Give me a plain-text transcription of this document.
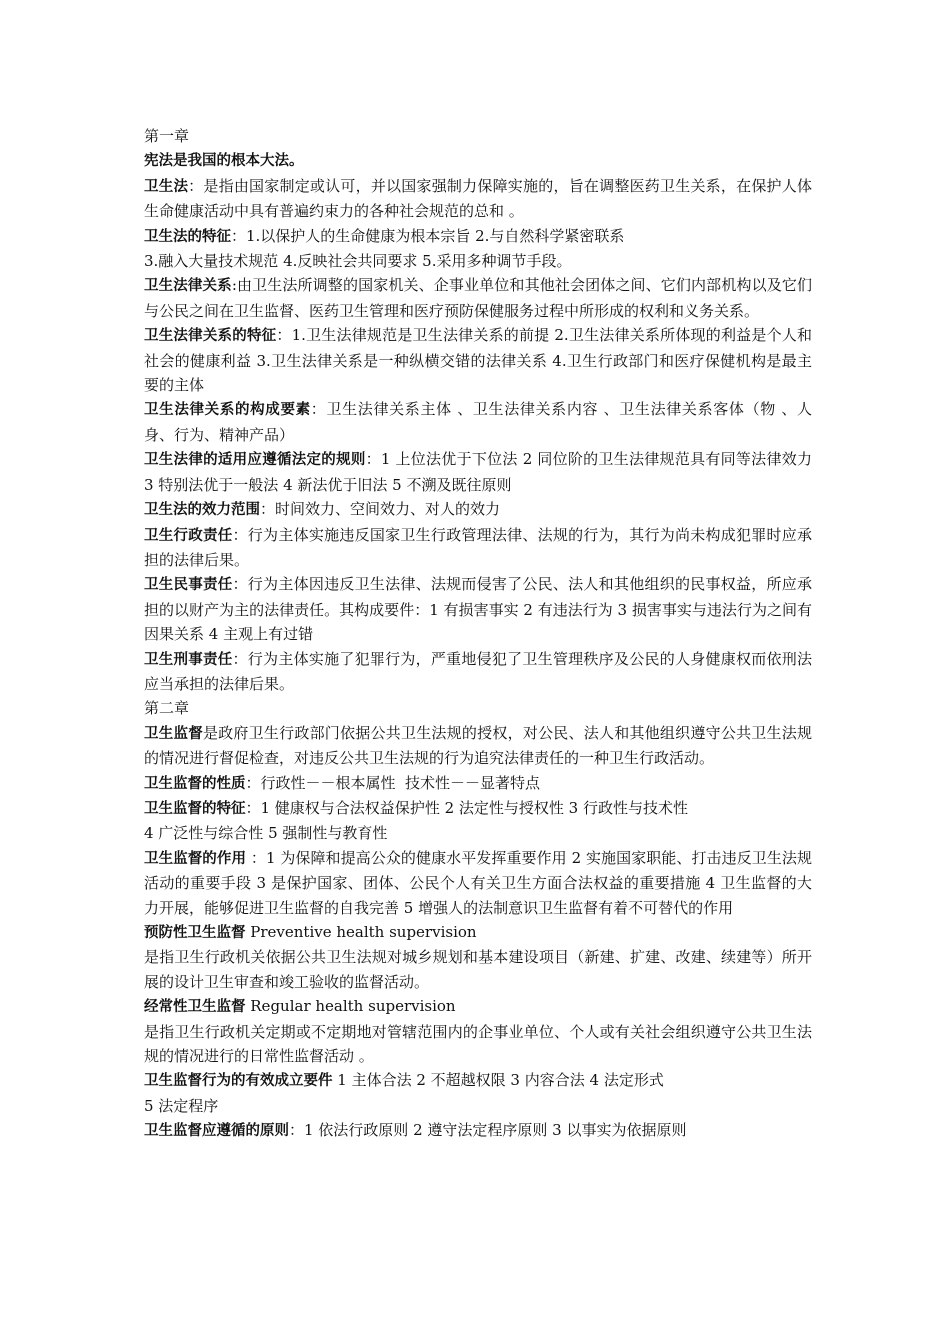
第一章
宪法是我国的根本大法。
卫生法：是指由国家制定或认可，并以国家强制力保障实施的，旨在调整医药卫生关系，在保护人体生命健康活动中具有普遍约束力的各种社会规范的总和 。
卫生法的特征：1.以保护人的生命健康为根本宗旨 2.与自然科学紧密联系
3.融入大量技术规范 4.反映社会共同要求 5.采用多种调节手段。
卫生法律关系:由卫生法所调整的国家机关、企事业单位和其他社会团体之间、它们内部机构以及它们与公民之间在卫生监督、医药卫生管理和医疗预防保健服务过程中所形成的权利和义务关系。
卫生法律关系的特征：1.卫生法律规范是卫生法律关系的前提 2.卫生法律关系所体现的利益是个人和社会的健康利益 3.卫生法律关系是一种纵横交错的法律关系 4.卫生行政部门和医疗保健机构是最主要的主体
卫生法律关系的构成要素：卫生法律关系主体 、卫生法律关系内容 、卫生法律关系客体（物 、人身、行为、精神产品）
卫生法律的适用应遵循法定的规则：1 上位法优于下位法 2 同位阶的卫生法律规范具有同等法律效力 3 特别法优于一般法 4 新法优于旧法 5 不溯及既往原则
卫生法的效力范围：时间效力、空间效力、对人的效力
卫生行政责任：行为主体实施违反国家卫生行政管理法律、法规的行为，其行为尚未构成犯罪时应承担的法律后果。
卫生民事责任：行为主体因违反卫生法律、法规而侵害了公民、法人和其他组织的民事权益，所应承担的以财产为主的法律责任。其构成要件：1 有损害事实 2 有违法行为 3 损害事实与违法行为之间有因果关系 4 主观上有过错
卫生刑事责任：行为主体实施了犯罪行为，严重地侵犯了卫生管理秩序及公民的人身健康权而依刑法应当承担的法律后果。
第二章
卫生监督是政府卫生行政部门依据公共卫生法规的授权，对公民、法人和其他组织遵守公共卫生法规的情况进行督促检查，对违反公共卫生法规的行为追究法律责任的一种卫生行政活动。
卫生监督的性质：行政性－－根本属性  技术性－－显著特点
卫生监督的特征：1 健康权与合法权益保护性 2 法定性与授权性 3 行政性与技术性
4 广泛性与综合性 5 强制性与教育性
卫生监督的作用 ：1 为保障和提高公众的健康水平发挥重要作用 2 实施国家职能、打击违反卫生法规活动的重要手段 3 是保护国家、团体、公民个人有关卫生方面合法权益的重要措施 4 卫生监督的大力开展，能够促进卫生监督的自我完善 5 增强人的法制意识卫生监督有着不可替代的作用
预防性卫生监督 Preventive health supervision
是指卫生行政机关依据公共卫生法规对城乡规划和基本建设项目（新建、扩建、改建、续建等）所开展的设计卫生审查和竣工验收的监督活动。
经常性卫生监督 Regular health supervision
是指卫生行政机关定期或不定期地对管辖范围内的企事业单位、个人或有关社会组织遵守公共卫生法规的情况进行的日常性监督活动 。
卫生监督行为的有效成立要件 1 主体合法 2 不超越权限 3 内容合法 4 法定形式
5 法定程序
卫生监督应遵循的原则：1 依法行政原则 2 遵守法定程序原则 3 以事实为依据原则
